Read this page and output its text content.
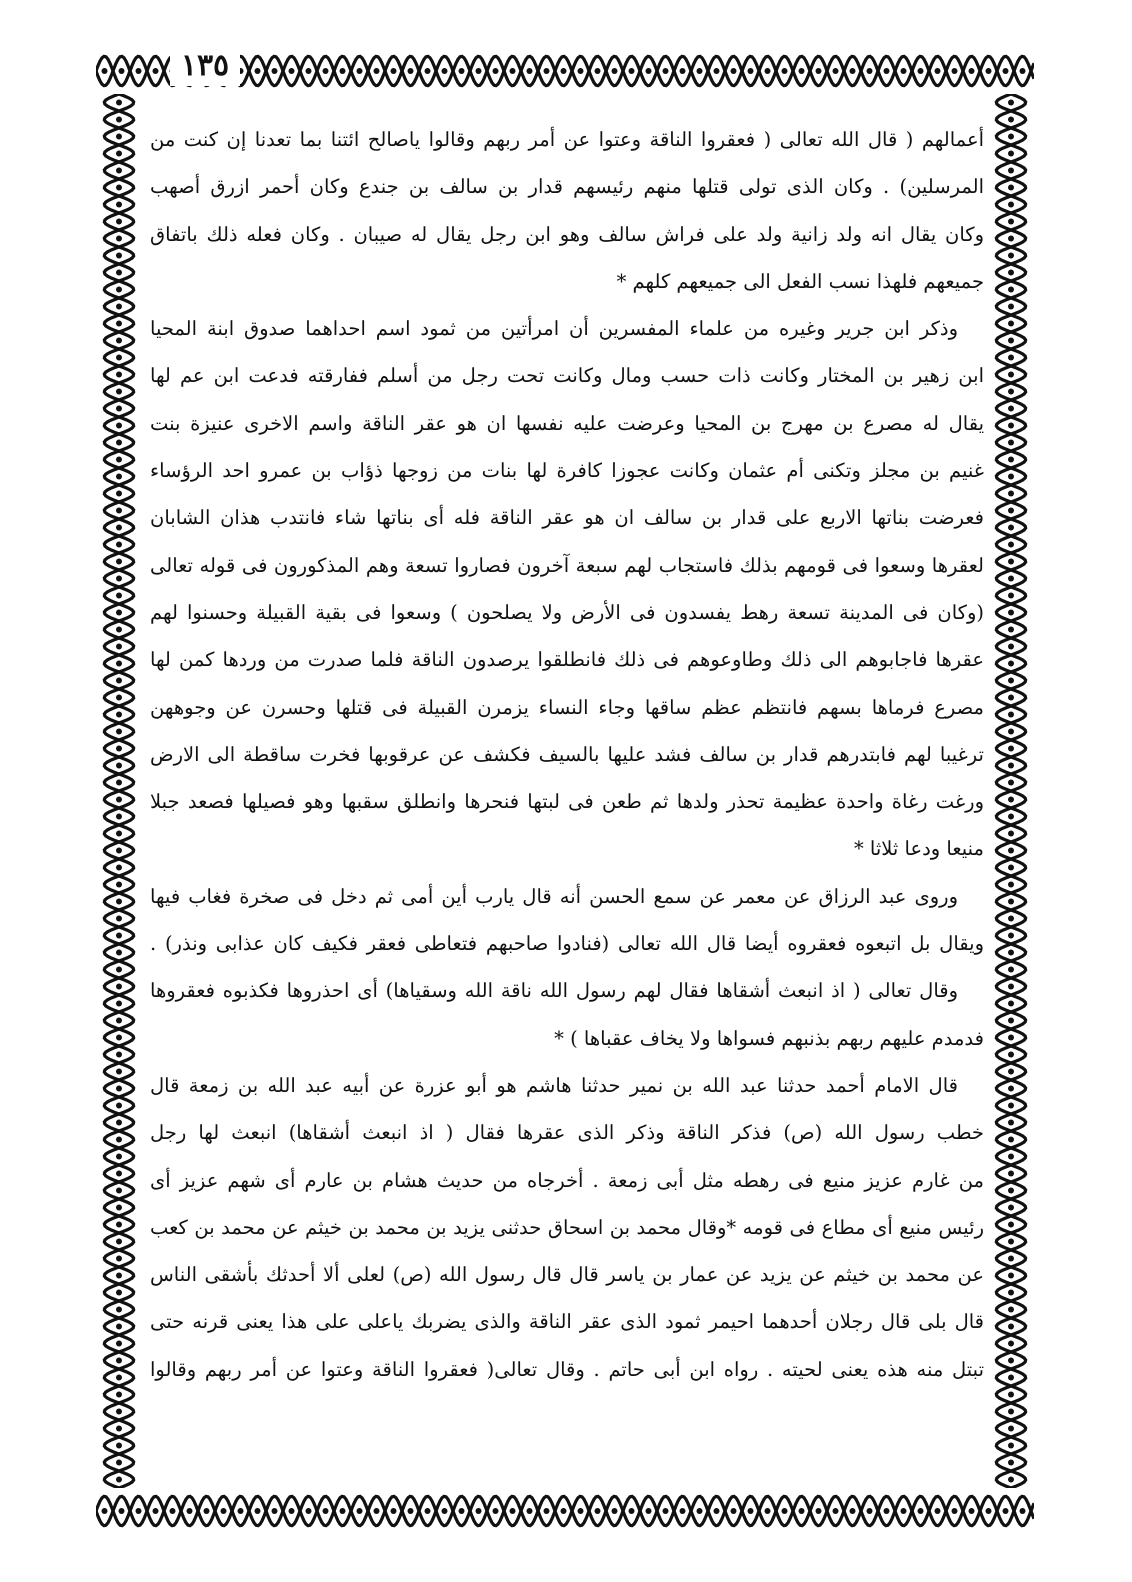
١٣٥
أعمالهم ( قال الله تعالى ( فعقروا الناقة وعتوا عن أمر ربهم وقالوا ياصالح ائتنا بما تعدنا إن كنت من
المرسلين) . وكان الذى تولى قتلها منهم رئيسهم قدار بن سالف بن جندع وكان أحمر ازرق أصهب
وكان يقال انه ولد زانية ولد على فراش سالف وهو ابن رجل يقال له صيبان . وكان فعله ذلك باتفاق
جميعهم فلهذا نسب الفعل الى جميعهم كلهم *
وذكر ابن جرير وغيره من علماء المفسرين أن امرأتين من ثمود اسم احداهما صدوق ابنة المحيا
ابن زهير بن المختار وكانت ذات حسب ومال وكانت تحت رجل من أسلم ففارقته فدعت ابن عم لها
يقال له مصرع بن مهرج بن المحيا وعرضت عليه نفسها ان هو عقر الناقة واسم الاخرى عنيزة بنت
غنيم بن مجلز وتكنى أم عثمان وكانت عجوزا كافرة لها بنات من زوجها ذؤاب بن عمرو احد الرؤساء
فعرضت بناتها الاربع على قدار بن سالف ان هو عقر الناقة فله أى بناتها شاء فانتدب هذان الشابان
لعقرها وسعوا فى قومهم بذلك فاستجاب لهم سبعة آخرون فصاروا تسعة وهم المذكورون فى قوله تعالى
(وكان فى المدينة تسعة رهط يفسدون فى الأرض ولا يصلحون ) وسعوا فى بقية القبيلة وحسنوا لهم
عقرها فاجابوهم الى ذلك وطاوعوهم فى ذلك فانطلقوا يرصدون الناقة فلما صدرت من وردها كمن لها
مصرع فرماها بسهم فانتظم عظم ساقها وجاء النساء يزمرن القبيلة فى قتلها وحسرن عن وجوههن
ترغيبا لهم فابتدرهم قدار بن سالف فشد عليها بالسيف فكشف عن عرقوبها فخرت ساقطة الى الارض
ورغت رغاة واحدة عظيمة تحذر ولدها ثم طعن فى لبتها فنحرها وانطلق سقبها وهو فصيلها فصعد جبلا
منيعا ودعا ثلاثا *
وروى عبد الرزاق عن معمر عن سمع الحسن أنه قال يارب أين أمى ثم دخل فى صخرة فغاب فيها
ويقال بل اتبعوه فعقروه أيضا قال الله تعالى (فنادوا صاحبهم فتعاطى فعقر فكيف كان عذابى ونذر) .
وقال تعالى ( اذ انبعث أشقاها فقال لهم رسول الله ناقة الله وسقياها) أى احذروها فكذبوه فعقروها
فدمدم عليهم ربهم بذنبهم فسواها ولا يخاف عقباها ) *
قال الامام أحمد حدثنا عبد الله بن نمير حدثنا هاشم هو أبو عزرة عن أبيه عبد الله بن زمعة قال
خطب رسول الله (ص) فذكر الناقة وذكر الذى عقرها فقال ( اذ انبعث أشقاها) انبعث لها رجل
من غارم عزيز منيع فى رهطه مثل أبى زمعة . أخرجاه من حديث هشام بن عارم أى شهم عزيز أى
رئيس منيع أى مطاع فى قومه *وقال محمد بن اسحاق حدثنى يزيد بن محمد بن خيثم عن محمد بن كعب
عن محمد بن خيثم عن يزيد عن عمار بن ياسر قال قال رسول الله (ص) لعلى ألا أحدثك بأشقى الناس
قال بلى قال رجلان أحدهما احيمر ثمود الذى عقر الناقة والذى يضربك ياعلى على هذا يعنى قرنه حتى
تبتل منه هذه يعنى لحيته . رواه ابن أبى حاتم . وقال تعالى( فعقروا الناقة وعتوا عن أمر ربهم وقالوا
